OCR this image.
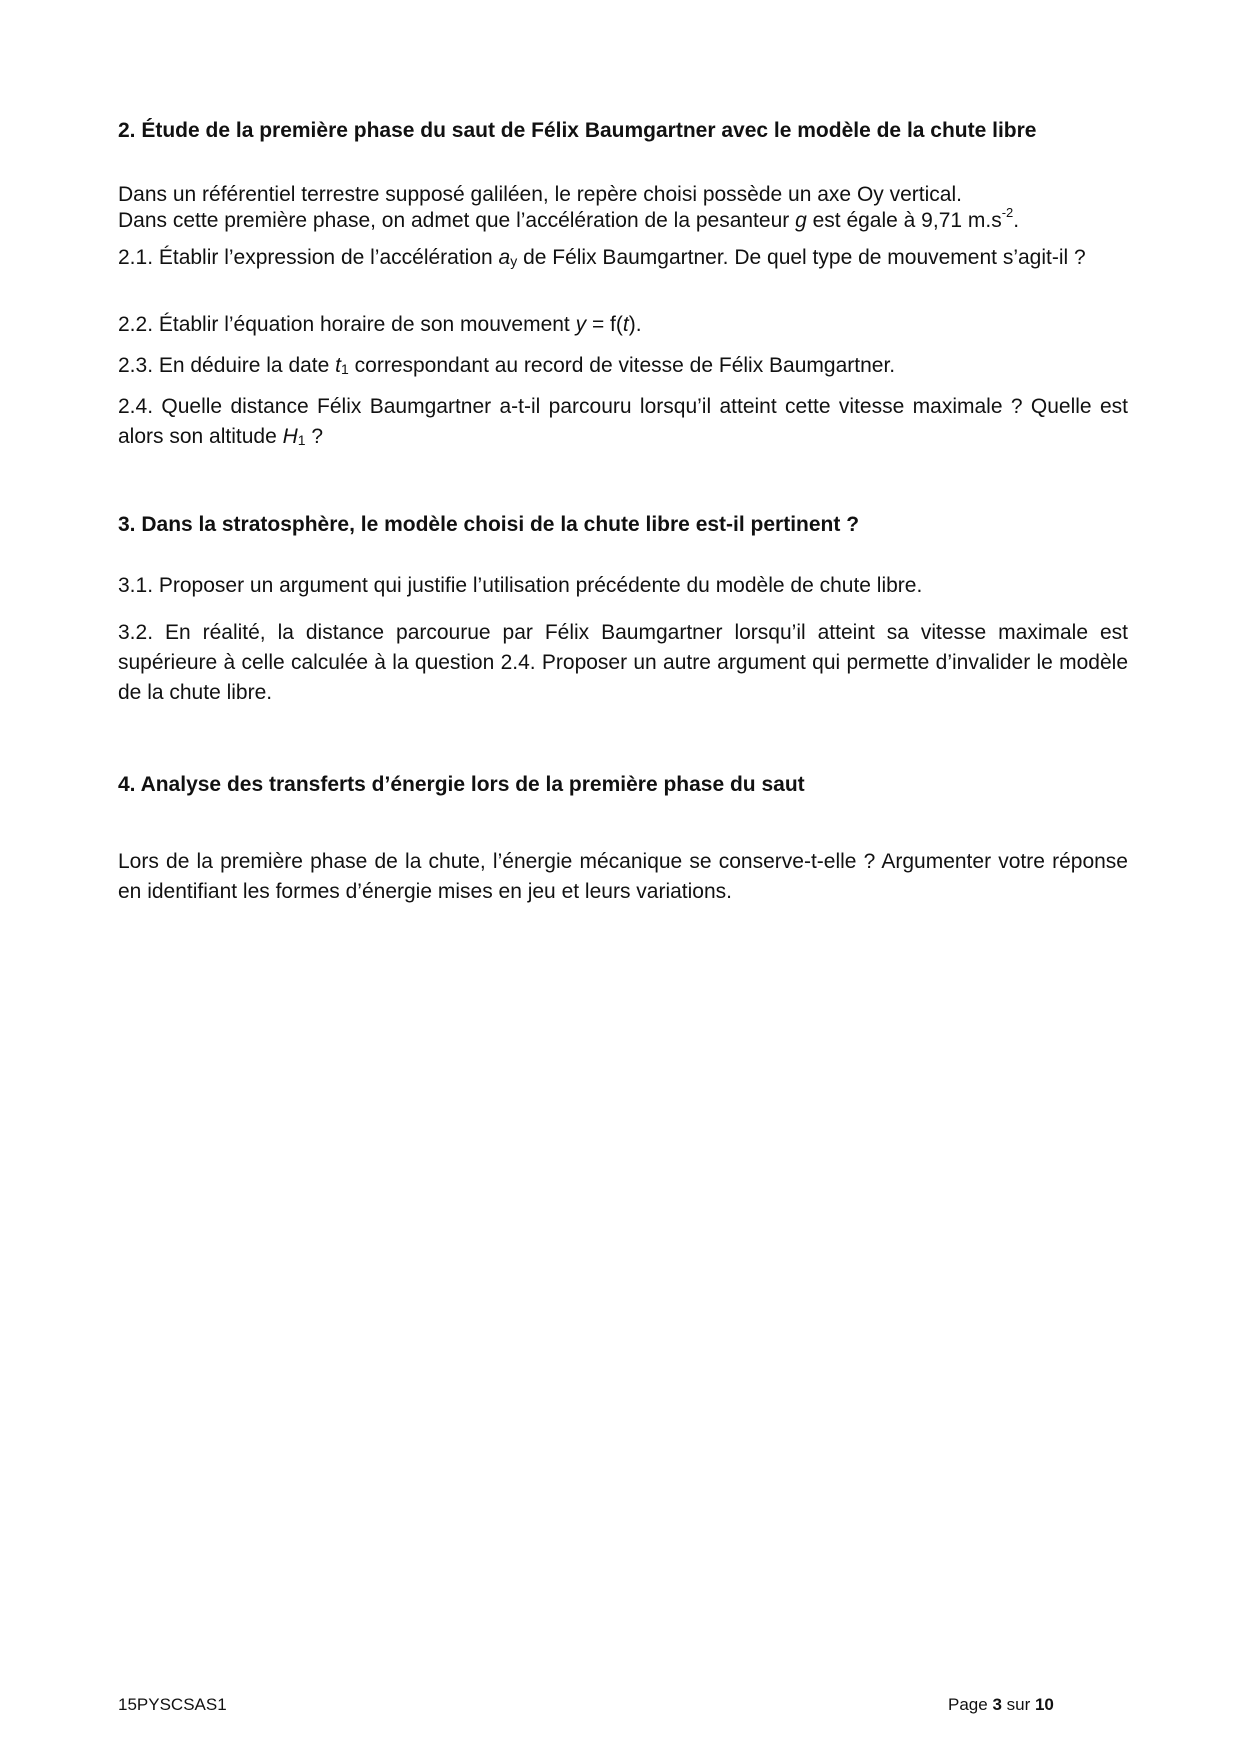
2. Étude de la première phase du saut de Félix Baumgartner avec le modèle de la chute libre

Dans un référentiel terrestre supposé galiléen, le repère choisi possède un axe Oy vertical.

Dans cette première phase, on admet que l’accélération de la pesanteur g est égale à 9,71 $m.s^{-2}$.

2.1. Établir l’expression de l’accélération $a_y$ de Félix Baumgartner. De quel type de mouvement s’agit-il ?

2.2. Établir l’équation horaire de son mouvement y = f(t).

2.3. En déduire la date $t_1$ correspondant au record de vitesse de Félix Baumgartner.

2.4. Quelle distance Félix Baumgartner a-t-il parcouru lorsqu’il atteint cette vitesse maximale ? Quelle est alors son altitude $H_1$ ?

3. Dans la stratosphère, le modèle choisi de la chute libre est-il pertinent ?

3.1. Proposer un argument qui justifie l’utilisation précédente du modèle de chute libre.

3.2. En réalité, la distance parcourue par Félix Baumgartner lorsqu’il atteint sa vitesse maximale est supérieure à celle calculée à la question 2.4. Proposer un autre argument qui permette d’invalider le modèle de la chute libre.

4. Analyse des transferts d’énergie lors de la première phase du saut

Lors de la première phase de la chute, l’énergie mécanique se conserve-t-elle ? Argumenter votre réponse en identifiant les formes d’énergie mises en jeu et leurs variations.

15PYSCSAS1	Page 3 sur 10
